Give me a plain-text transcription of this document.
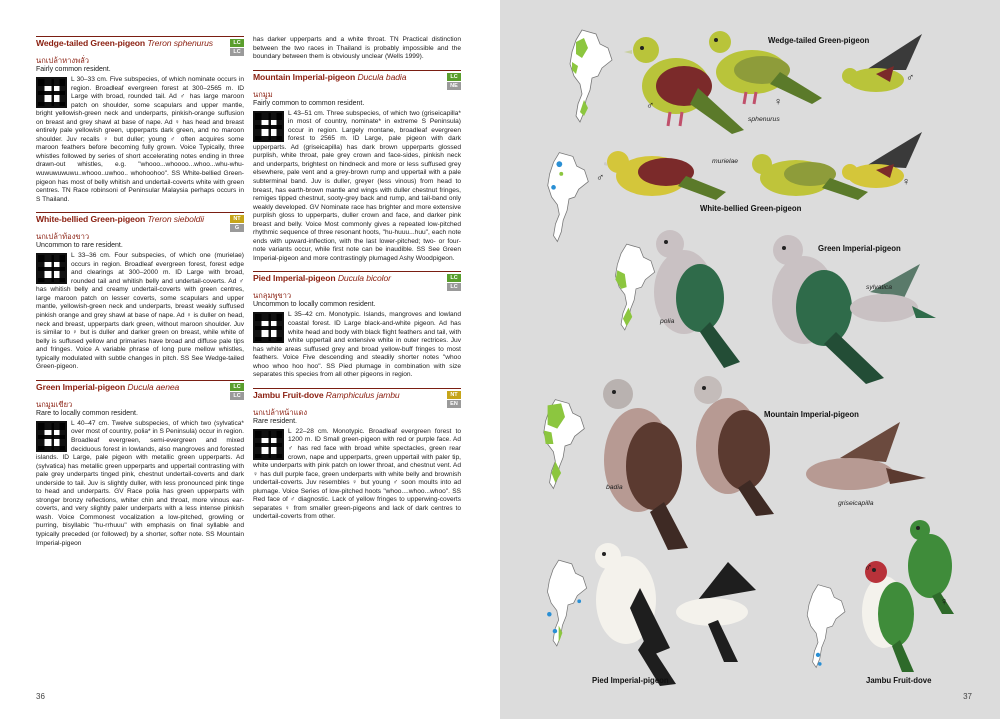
Wedge-tailed Green-pigeon Treron sphenurus	LC
LC
นกเปล้าหางพลั่ว
Fairly common resident.
L 30–33 cm. Five subspecies, of which nominate occurs in region. Broadleaf evergreen forest at 300–2565 m. ID Large with broad, rounded tail. Ad ♂ has large maroon patch on shoulder, some scapulars and upper mantle, bright yellowish-green neck and underparts, pinkish-orange suffusion on breast and grey shawl at base of nape. Ad ♀ has head and breast entirely pale yellowish green, upperparts dark green, and no maroon shoulder. Juv recalls ♀ but duller; young ♂ often acquires some maroon feathers before becoming fully grown. Voice Typically, three whistles followed by series of short accelerating notes ending in three drawn-out whistles, e.g. "whooo...whoooo...whoo...whu-whu-wuwuwuwuwu..whooo..uwhoo.. whohoohoo". SS White-bellied Green-pigeon has most of belly whitish and undertail-coverts white with green centres. TN Race robinsoni of Peninsular Malaysia perhaps occurs in S Thailand.
White-bellied Green-pigeon Treron sieboldii	NT
G
นกเปล้าท้องขาว
Uncommon to rare resident.
L 33–36 cm. Four subspecies, of which one (murielae) occurs in region. Broadleaf evergreen forest, forest edge and clearings at 300–2000 m. ID Large with broad, rounded tail and whitish belly and undertail-coverts. Ad ♂ has whitish belly and creamy undertail-coverts with green centres, large maroon patch on lesser coverts, some scapulars and upper mantle, yellowish-green neck and underparts, breast weakly suffused pinkish orange and grey shawl at base of nape. Ad ♀ is duller on head, neck and breast, upperparts dark green, without maroon shoulder. Juv is similar to ♀ but is duller and darker green on breast, while white of belly is suffused yellow and primaries have broad and diffuse pale tips and fringes. Voice A variable phrase of long pure mellow whistles, typically modulated with subtle changes in pitch. SS See Wedge-tailed Green-pigeon.
Green Imperial-pigeon Ducula aenea	LC
LC
นกมูมเขียว
Rare to locally common resident.
L 40–47 cm. Twelve subspecies, of which two (sylvatica* over most of country, polia* in S Peninsula) occur in region. Broadleaf evergreen, semi-evergreen and mixed deciduous forest in lowlands, also mangroves and forested islands. ID Large, pale pigeon with metallic green upperparts. Ad (sylvatica) has metallic green upperparts and uppertail contrasting with pale grey underparts tinged pink, chestnut undertail-coverts and dark underside to tail. Juv is slightly duller, with less pronounced pink tinge to head and underparts. GV Race polia has green upperparts with stronger bronzy reflections, whiter chin and throat, more vinous ear-coverts, and very slightly paler underparts with a less intense pinkish wash. Voice Commonest vocalization a low-pitched, growling or purring, bisyllabic "hu-rrhuuu" with emphasis on final syllable and typically preceded (or followed) by a shorter, softer note. SS Mountain Imperial-pigeon
has darker upperparts and a white throat. TN Practical distinction between the two races in Thailand is probably impossible and the boundary between them is obviously unclear (Wells 1999).
Mountain Imperial-pigeon Ducula badia	LC
NE
นกมูม
Fairly common to common resident.
L 43–51 cm. Three subspecies, of which two (griseicapilla* in most of country, nominate* in extreme S Peninsula) occur in region. Largely montane, broadleaf evergreen forest to 2565 m. ID Large, pale pigeon with dark upperparts. Ad (griseicapilla) has dark brown upperparts glossed purplish, white throat, pale grey crown and face-sides, pinkish neck and underparts, brightest on hindneck and more or less suffused grey elsewhere, pale vent and a grey-brown rump and uppertail with a pale subterminal band. Juv is duller, greyer (less vinous) from head to breast, has earth-brown mantle and wings with duller chestnut fringes, remiges tipped chestnut, sooty-grey back and rump, and tail-band only weakly developed. GV Nominate race has brighter and more extensive purplish gloss to upperparts, duller crown and face, and darker pink breast and belly. Voice Most commonly gives a repeated low-pitched rhythmic sequence of three resonant hoots, "hu-huuu...huu", each note ends with upward-inflection, with the last lower-pitched; two- or four-note variants occur, while first note can be inaudible. SS See Green Imperial-pigeon and more contrastingly plumaged Ashy Woodpigeon.
Pied Imperial-pigeon Ducula bicolor	LC
LC
นกลุมพูขาว
Uncommon to locally common resident.
L 35–42 cm. Monotypic. Islands, mangroves and lowland coastal forest. ID Large black-and-white pigeon. Ad has white head and body with black flight feathers and tail, with white uppertail and extensive white in outer rectrices. Juv has white areas suffused grey and broad yellow-buff fringes to most feathers. Voice Five descending and steadily shorter notes "whoo whoo whoo hoo hoo". SS Pied plumage in combination with size separates this species from all other pigeons in region.
Jambu Fruit-dove Ramphiculus jambu	NT
EN
นกเปล้าหน้าแดง
Rare resident.
L 22–28 cm. Monotypic. Broadleaf evergreen forest to 1200 m. ID Small green-pigeon with red or purple face. Ad ♂ has red face with broad white spectacles, green rear crown, nape and upperparts, green uppertail with paler tip, white underparts with pink patch on lower throat, and chestnut vent. Ad ♀ has dull purple face, green underparts with white belly and brownish undertail-coverts. Juv resembles ♀ but young ♂ soon moults into ad plumage. Voice Series of low-pitched hoots "whoo....whoo...whoo". SS Red face of ♂ diagnostic. Lack of yellow fringes to upperwing-coverts separates ♀ from smaller green-pigeons and lack of dark centres to undertail-coverts from other.
36
Wedge-tailed Green-pigeon
sphenurus
♂	♀
♂
White-bellied Green-pigeon
murielae
♂	♀
Green Imperial-pigeon
sylvatica
polia
Mountain Imperial-pigeon
badia
griseicapilla
Pied Imperial-pigeon	Jambu Fruit-dove
♂
♀
37
